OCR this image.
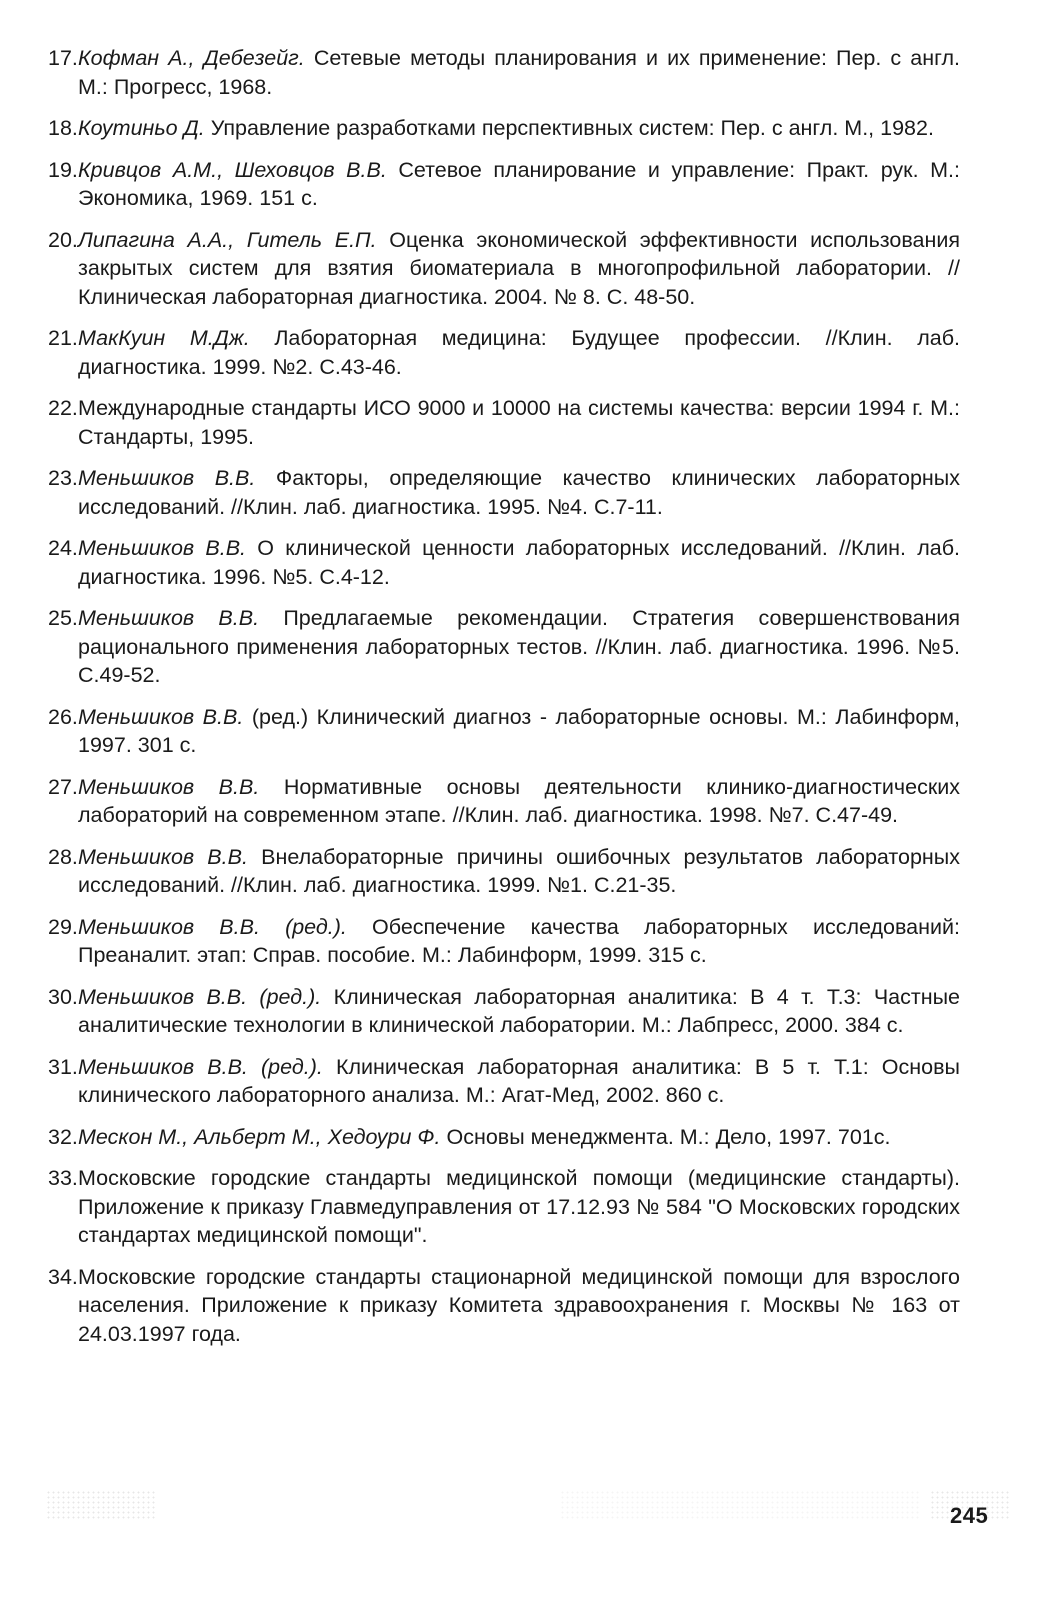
17. Кофман А., Дебезейг. Сетевые методы планирования и их применение: Пер. с англ. М.: Прогресс, 1968.
18. Коутиньо Д. Управление разработками перспективных систем: Пер. с англ. М., 1982.
19. Кривцов А.М., Шеховцов В.В. Сетевое планирование и управление: Практ. рук. М.: Экономика, 1969. 151 с.
20. Липагина А.А., Гитель Е.П. Оценка экономической эффективности использования закрытых систем для взятия биоматериала в многопрофильной лаборатории. // Клиническая лабораторная диагностика. 2004. № 8. С. 48-50.
21. МакКуин М.Дж. Лабораторная медицина: Будущее профессии. //Клин. лаб. диагностика. 1999. №2. С.43-46.
22. Международные стандарты ИСО 9000 и 10000 на системы качества: версии 1994 г. М.: Стандарты, 1995.
23. Меньшиков В.В. Факторы, определяющие качество клинических лабораторных исследований. //Клин. лаб. диагностика. 1995. №4. С.7-11.
24. Меньшиков В.В. О клинической ценности лабораторных исследований. //Клин. лаб. диагностика. 1996. №5. С.4-12.
25. Меньшиков В.В. Предлагаемые рекомендации. Стратегия совершенствования рационального применения лабораторных тестов. //Клин. лаб. диагностика. 1996. №5. С.49-52.
26. Меньшиков В.В. (ред.) Клинический диагноз - лабораторные основы. М.: Лабинформ, 1997. 301 с.
27. Меньшиков В.В. Нормативные основы деятельности клинико-диагностических лабораторий на современном этапе. //Клин. лаб. диагностика. 1998. №7. С.47-49.
28. Меньшиков В.В. Внелабораторные причины ошибочных результатов лабораторных исследований. //Клин. лаб. диагностика. 1999. №1. С.21-35.
29. Меньшиков В.В. (ред.). Обеспечение качества лабораторных исследований: Преаналит. этап: Справ. пособие. М.: Лабинформ, 1999. 315 с.
30. Меньшиков В.В. (ред.). Клиническая лабораторная аналитика: В 4 т. Т.3: Частные аналитические технологии в клинической лаборатории. М.: Лабпресс, 2000. 384 с.
31. Меньшиков В.В. (ред.). Клиническая лабораторная аналитика: В 5 т. Т.1: Основы клинического лабораторного анализа. М.: Агат-Мед, 2002. 860 с.
32. Мескон М., Альберт М., Хедоури Ф. Основы менеджмента. М.: Дело, 1997. 701с.
33. Московские городские стандарты медицинской помощи (медицинские стандарты). Приложение к приказу Главмедуправления от 17.12.93 № 584 "О Московских городских стандартах медицинской помощи".
34. Московские городские стандарты стационарной медицинской помощи для взрослого населения. Приложение к приказу Комитета здравоохранения г. Москвы № 163 от 24.03.1997 года.
245
